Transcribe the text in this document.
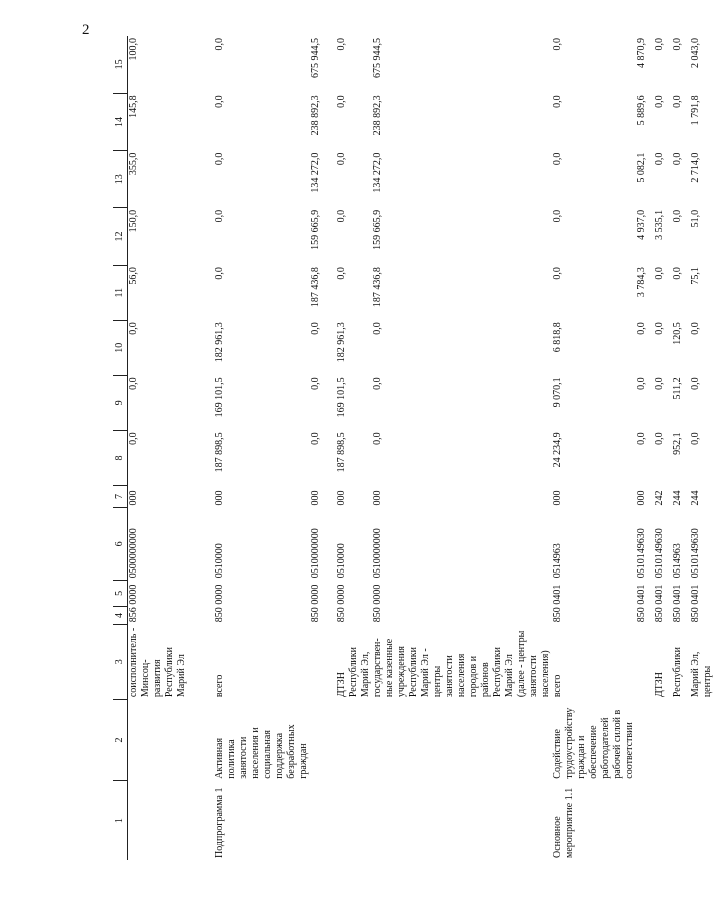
2
1	2	3	4	5	6	7	8	9	10	11	12	13	14	15
		соисполнитель - Минсоц- развития Республики Марий Эл	856	0000	0500000000	000	0,0	0,0	0,0	56,0	150,0	355,0	145,8	100,0
Подпрограмма 1	Активная политика занятости населения и социальная поддержка безработных граждан	всего	850	0000	0510000	000	187 898,5	169 101,5	182 961,3	0,0	0,0	0,0	0,0	0,0
			850	0000	0510000000	000	0,0	0,0	0,0	187 436,8	159 665,9	134 272,0	238 892,3	675 944,5
		ДТЗН Республики Марий Эл,	850	0000	0510000	000	187 898,5	169 101,5	182 961,3	0,0	0,0	0,0	0,0	0,0
		государствен- ные казенные учреждения Республики Марий Эл - центры занятости населения городов и районов Республики Марий Эл (далее - центры занятости населения)	850	0000	0510000000	000	0,0	0,0	0,0	187 436,8	159 665,9	134 272,0	238 892,3	675 944,5
Основное мероприятие 1.1	Содействие трудоустройству граждан и обеспечение работодателей рабочей силой в соответствии	всего	850	0401	0514963	000	24 234,9	9 070,1	6 818,8	0,0	0,0	0,0	0,0	0,0
			850	0401	0510149630	000	0,0	0,0	0,0	3 784,3	4 937,0	5 082,1	5 889,6	4 870,9
		ДТЗН	850	0401	0510149630	242	0,0	0,0	0,0	0,0	3 535,1	0,0	0,0	0,0
		Республики	850	0401	0514963	244	952,1	511,2	120,5	0,0	0,0	0,0	0,0	0,0
		Марий Эл, центры	850	0401	0510149630	244	0,0	0,0	0,0	75,1	51,0	2 714,0	1 791,8	2 043,0
